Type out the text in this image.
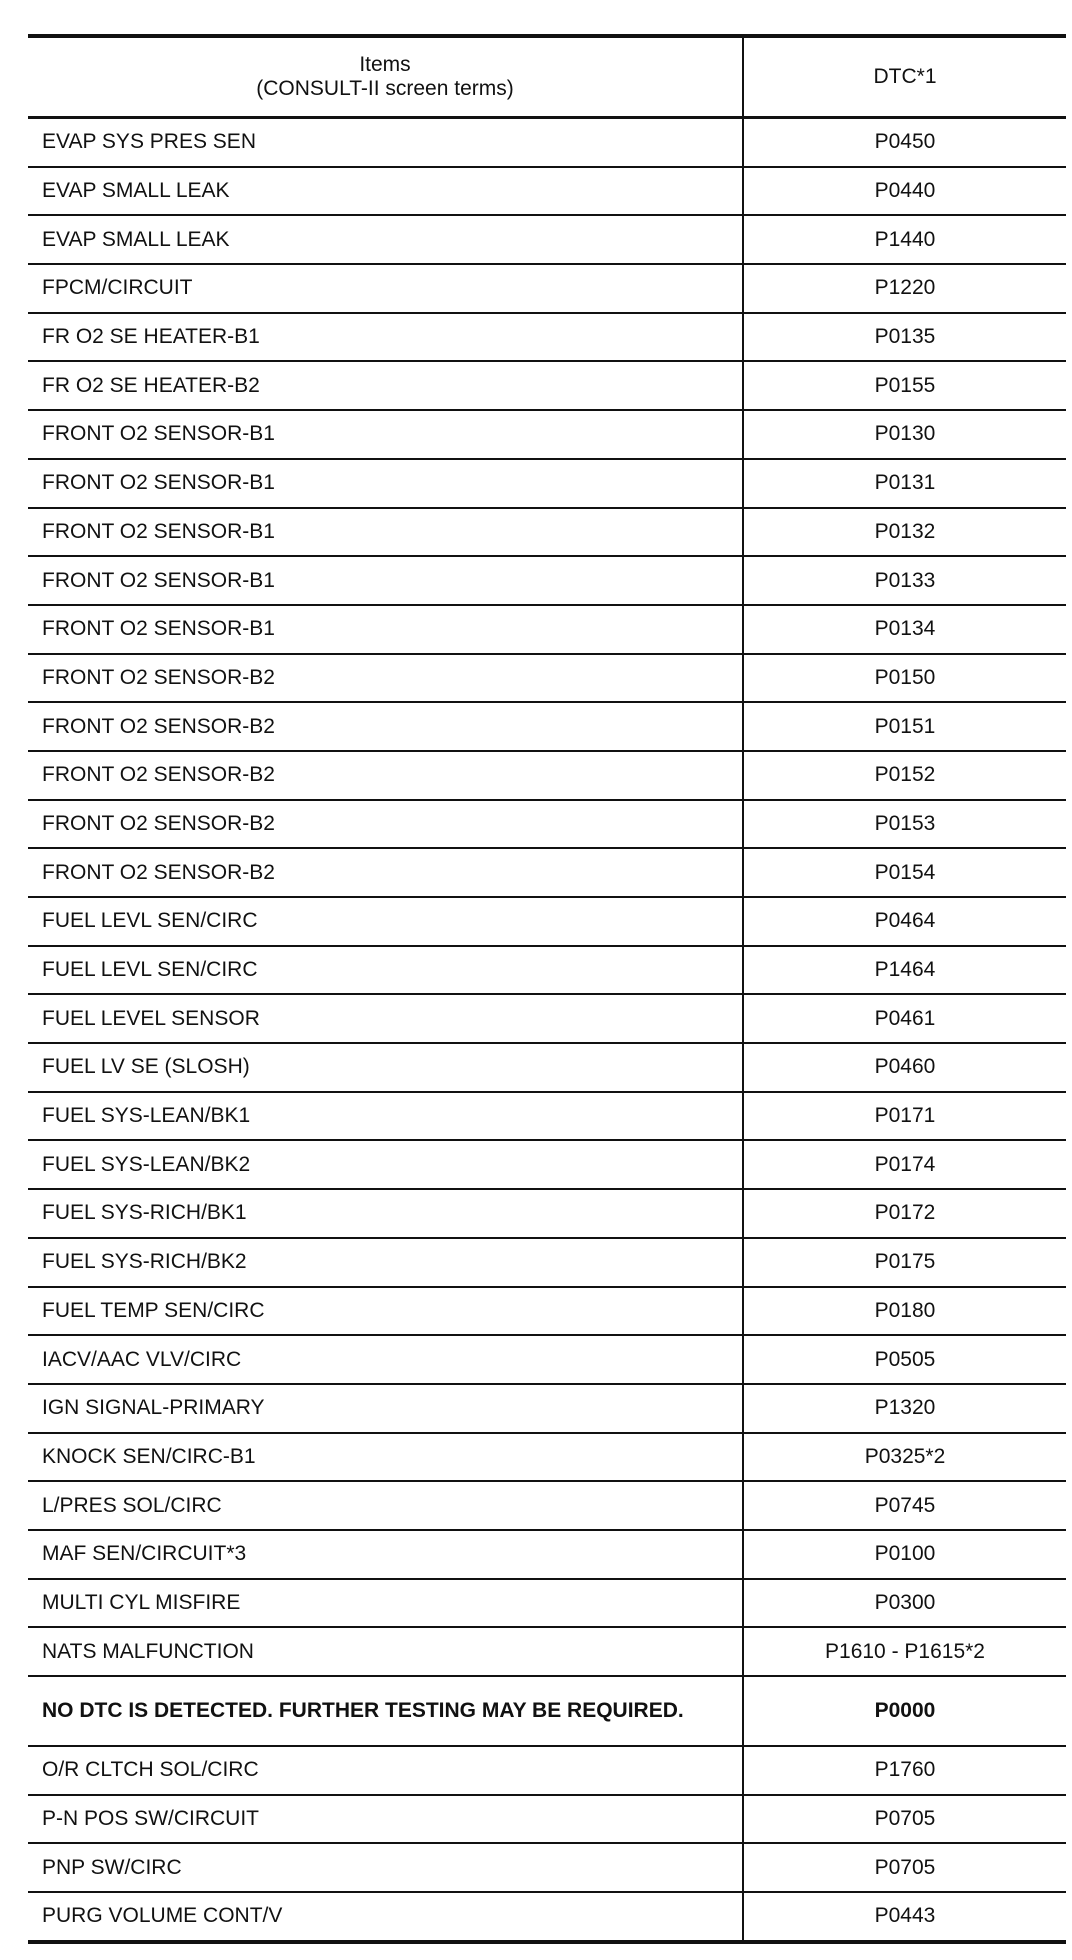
Items
(CONSULT-II screen terms)	DTC*1
EVAP SYS PRES SEN	P0450
EVAP SMALL LEAK	P0440
EVAP SMALL LEAK	P1440
FPCM/CIRCUIT	P1220
FR O2 SE HEATER-B1	P0135
FR O2 SE HEATER-B2	P0155
FRONT O2 SENSOR-B1	P0130
FRONT O2 SENSOR-B1	P0131
FRONT O2 SENSOR-B1	P0132
FRONT O2 SENSOR-B1	P0133
FRONT O2 SENSOR-B1	P0134
FRONT O2 SENSOR-B2	P0150
FRONT O2 SENSOR-B2	P0151
FRONT O2 SENSOR-B2	P0152
FRONT O2 SENSOR-B2	P0153
FRONT O2 SENSOR-B2	P0154
FUEL LEVL SEN/CIRC	P0464
FUEL LEVL SEN/CIRC	P1464
FUEL LEVEL SENSOR	P0461
FUEL LV SE (SLOSH)	P0460
FUEL SYS-LEAN/BK1	P0171
FUEL SYS-LEAN/BK2	P0174
FUEL SYS-RICH/BK1	P0172
FUEL SYS-RICH/BK2	P0175
FUEL TEMP SEN/CIRC	P0180
IACV/AAC VLV/CIRC	P0505
IGN SIGNAL-PRIMARY	P1320
KNOCK SEN/CIRC-B1	P0325*2
L/PRES SOL/CIRC	P0745
MAF SEN/CIRCUIT*3	P0100
MULTI CYL MISFIRE	P0300
NATS MALFUNCTION	P1610 - P1615*2
NO DTC IS DETECTED. FURTHER TESTING MAY BE REQUIRED.	P0000
O/R CLTCH SOL/CIRC	P1760
P-N POS SW/CIRCUIT	P0705
PNP SW/CIRC	P0705
PURG VOLUME CONT/V	P0443
